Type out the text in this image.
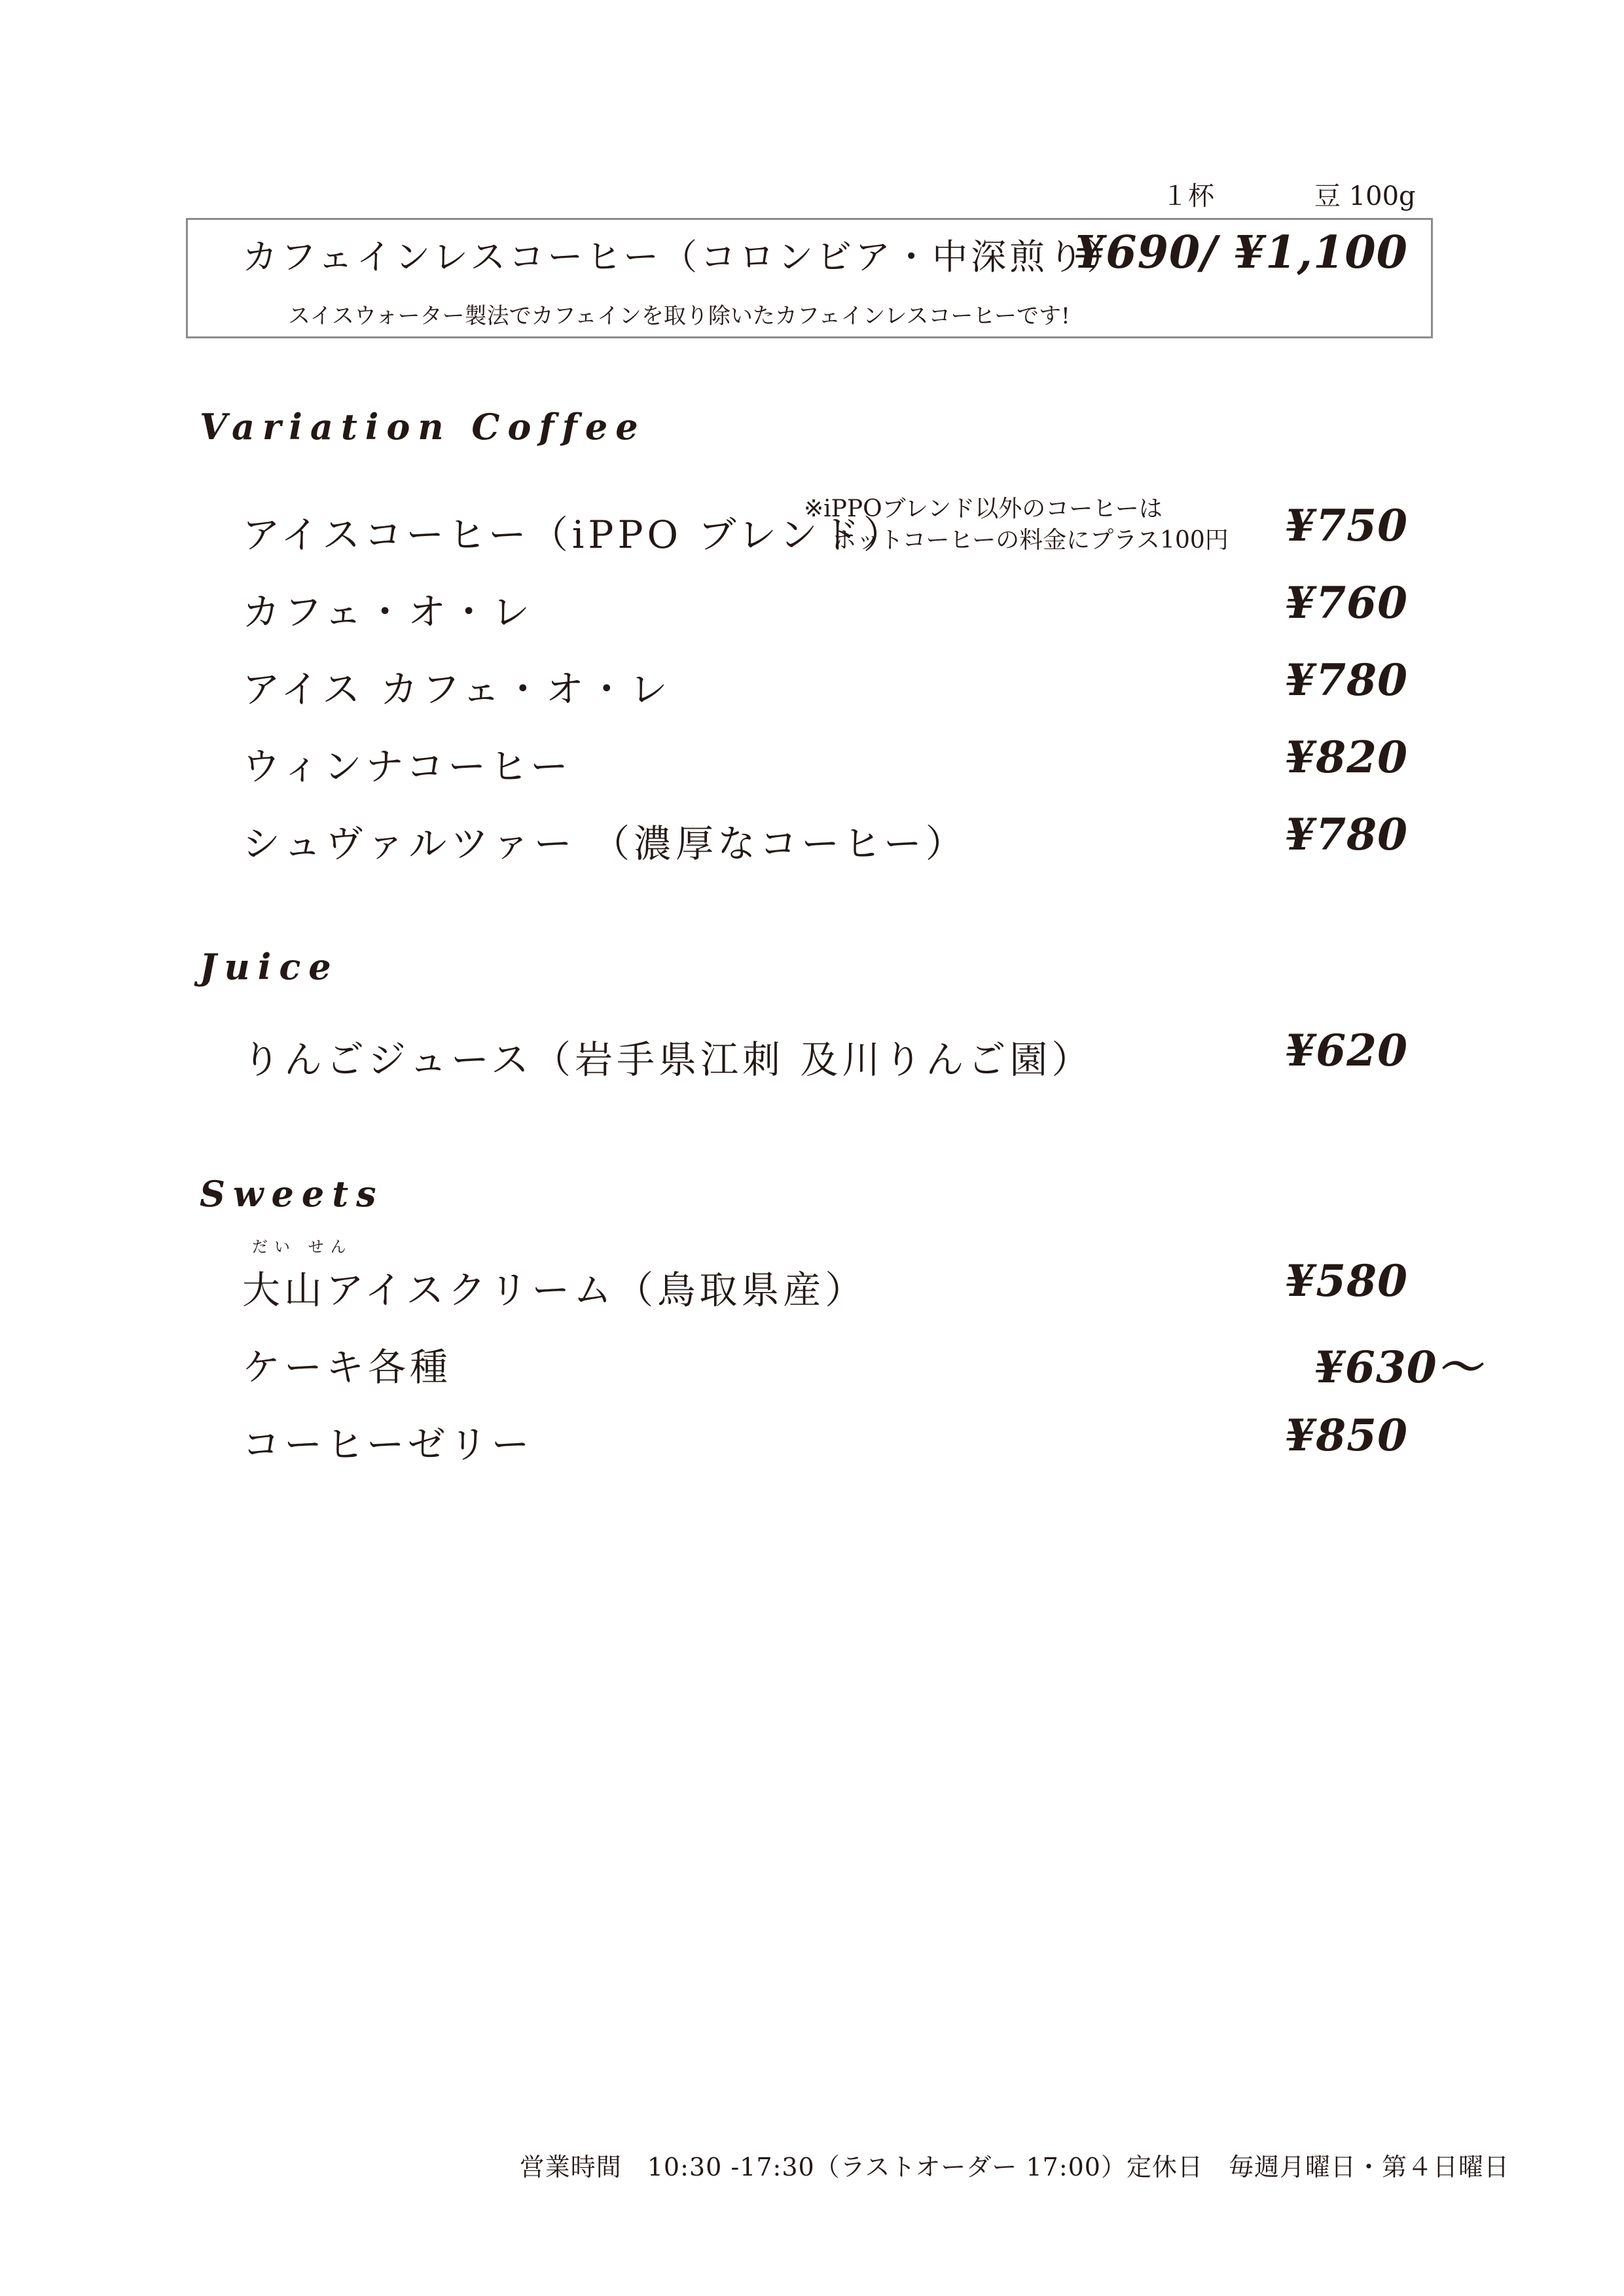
１杯	豆 100g
カフェインレスコーヒー（コロンビア・中深煎り）
¥690/ ¥1,100
スイスウォーター製法でカフェインを取り除いたカフェインレスコーヒーです!
Variation Coffee
※iPPOブレンド以外のコーヒーは
ホットコーヒーの料金にプラス100円
アイスコーヒー（iPPO ブレンド）	¥750
カフェ・オ・レ	¥760
アイス カフェ・オ・レ	¥780
ウィンナコーヒー	¥820
シュヴァルツァー （濃厚なコーヒー）	¥780
Juice
りんごジュース（岩手県江刺 及川りんご園）	¥620
Sweets
だい せん
大山アイスクリーム（鳥取県産）	¥580
ケーキ各種	¥630～
コーヒーゼリー	¥850
営業時間　10:30 -17:30（ラストオーダー 17:00）定休日　毎週月曜日・第４日曜日
